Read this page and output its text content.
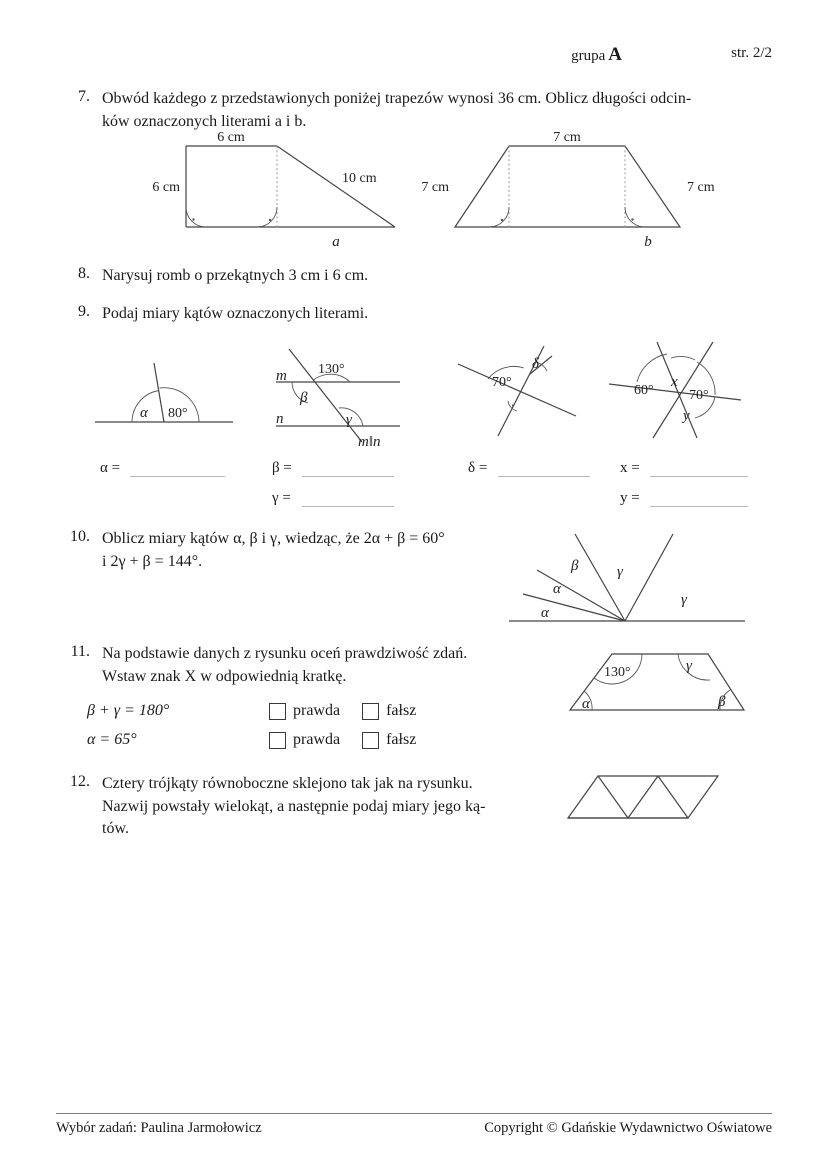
grupa A	str. 2/2
7. Obwód każdego z przedstawionych poniżej trapezów wynosi 36 cm. Oblicz długości odcin-

ków oznaczonych literami a i b.

6 cm
6 cm
10 cm
a
7 cm
7 cm	7 cm
b
8. Narysuj romb o przekątnych 3 cm i 6 cm.

9. Podaj miary kątów oznaczonych literami.

α 80°
m
n
130°
β
γ
m‖n
70°
δ
60°
x
70°
y
α =	β =
γ =
δ =	x =
y =
10. Oblicz miary kątów α, β i γ, wiedząc, że 2α + β = 60°

i 2γ + β = 144°.

α
α
β	γ
γ
11. Na podstawie danych z rysunku oceń prawdziwość zdań.

Wstaw znak X w odpowiednią kratkę.	130°	γ
α	β
β + γ = 180°	prawda	fałsz
α = 65°	prawda	fałsz
12. Cztery trójkąty równoboczne sklejono tak jak na rysunku.

Nazwij powstały wielokąt, a następnie podaj miary jego ką-

tów.

Wybór zadań: Paulina Jarmołowicz	Copyright © Gdańskie Wydawnictwo Oświatowe
